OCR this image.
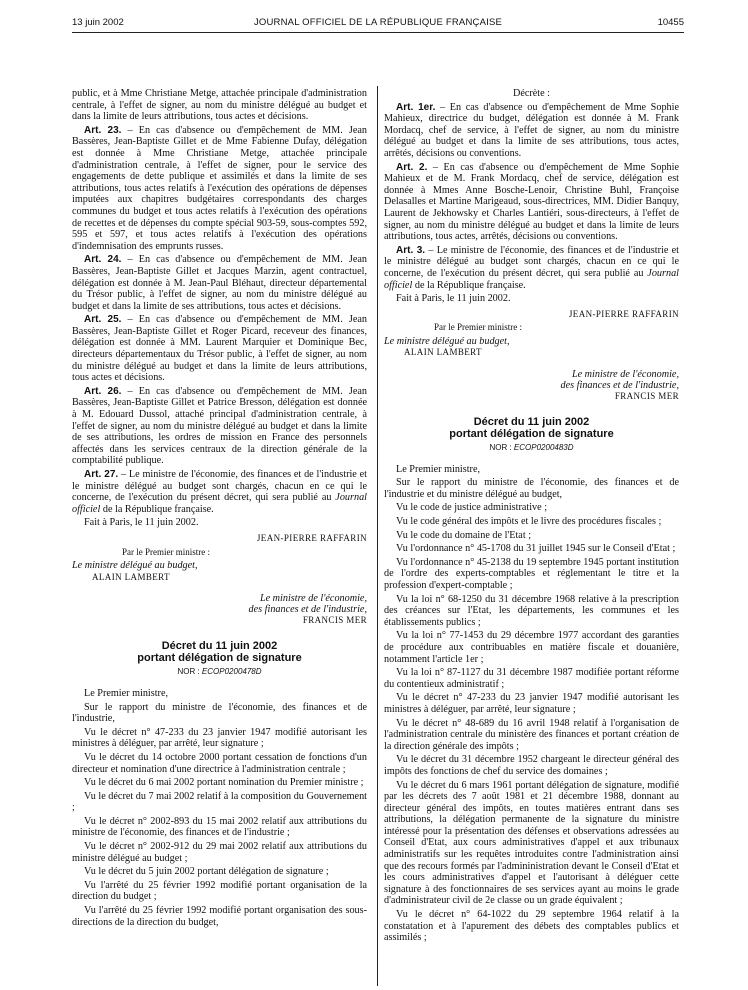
13 juin 2002	JOURNAL OFFICIEL DE LA RÉPUBLIQUE FRANÇAISE	10455

public, et à Mme Christiane Metge, attachée principale d'administration centrale, à l'effet de signer, au nom du ministre délégué au budget et dans la limite de leurs attributions, tous actes et décisions.

Art. 23. – En cas d'absence ou d'empêchement de MM. Jean Bassères, Jean-Baptiste Gillet et de Mme Fabienne Dufay, délégation est donnée à Mme Christiane Metge, attachée principale d'administration centrale, à l'effet de signer, pour le service des engagements de dette publique et assimilés et dans la limite de ses attributions, tous actes relatifs à l'exécution des opérations de dépenses imputées aux chapitres budgétaires correspondants des charges communes du budget et tous actes relatifs à l'exécution des opérations de recettes et de dépenses du compte spécial 903-59, sous-comptes 592, 595 et 597, et tous actes relatifs à l'exécution des opérations d'indemnisation des emprunts russes.

Art. 24. – En cas d'absence ou d'empêchement de MM. Jean Bassères, Jean-Baptiste Gillet et Jacques Marzin, agent contractuel, délégation est donnée à M. Jean-Paul Bléhaut, directeur départemental du Trésor public, à l'effet de signer, au nom du ministre délégué au budget et dans la limite de ses attributions, tous actes et décisions.

Art. 25. – En cas d'absence ou d'empêchement de MM. Jean Bassères, Jean-Baptiste Gillet et Roger Picard, receveur des finances, délégation est donnée à MM. Laurent Marquier et Dominique Bec, directeurs départementaux du Trésor public, à l'effet de signer, au nom du ministre délégué au budget et dans la limite de leurs attributions, tous actes et décisions.

Art. 26. – En cas d'absence ou d'empêchement de MM. Jean Bassères, Jean-Baptiste Gillet et Patrice Bresson, délégation est donnée à M. Edouard Dussol, attaché principal d'administration centrale, à l'effet de signer, au nom du ministre délégué au budget et dans la limite de ses attributions, les ordres de mission en France des personnels affectés dans les services centraux de la direction générale de la comptabilité publique.

Art. 27. – Le ministre de l'économie, des finances et de l'industrie et le ministre délégué au budget sont chargés, chacun en ce qui le concerne, de l'exécution du présent décret, qui sera publié au Journal officiel de la République française.

Fait à Paris, le 11 juin 2002.

JEAN-PIERRE RAFFARIN
Par le Premier ministre :
Le ministre délégué au budget,
ALAIN LAMBERT
Le ministre de l'économie,
des finances et de l'industrie,
FRANCIS MER
Décret du 11 juin 2002
portant délégation de signature
NOR : ECOP0200478D

Le Premier ministre,

Sur le rapport du ministre de l'économie, des finances et de l'industrie,

Vu le décret n° 47-233 du 23 janvier 1947 modifié autorisant les ministres à déléguer, par arrêté, leur signature ;

Vu le décret du 14 octobre 2000 portant cessation de fonctions d'un directeur et nomination d'une directrice à l'administration centrale ;

Vu le décret du 6 mai 2002 portant nomination du Premier ministre ;

Vu le décret du 7 mai 2002 relatif à la composition du Gouvernement ;

Vu le décret n° 2002-893 du 15 mai 2002 relatif aux attributions du ministre de l'économie, des finances et de l'industrie ;

Vu le décret n° 2002-912 du 29 mai 2002 relatif aux attributions du ministre délégué au budget ;

Vu le décret du 5 juin 2002 portant délégation de signature ;

Vu l'arrêté du 25 février 1992 modifié portant organisation de la direction du budget ;

Vu l'arrêté du 25 février 1992 modifié portant organisation des sous-directions de la direction du budget,

Décrète :

Art. 1er. – En cas d'absence ou d'empêchement de Mme Sophie Mahieux, directrice du budget, délégation est donnée à M. Frank Mordacq, chef de service, à l'effet de signer, au nom du ministre délégué au budget et dans la limite de ses attributions, tous actes, arrêtés, décisions ou conventions.

Art. 2. – En cas d'absence ou d'empêchement de Mme Sophie Mahieux et de M. Frank Mordacq, chef de service, délégation est donnée à Mmes Anne Bosche-Lenoir, Christine Buhl, Françoise Delasalles et Martine Marigeaud, sous-directrices, MM. Didier Banquy, Laurent de Jekhowsky et Charles Lantiéri, sous-directeurs, à l'effet de signer, au nom du ministre délégué au budget et dans la limite de leurs attributions, tous actes, arrêtés, décisions ou conventions.

Art. 3. – Le ministre de l'économie, des finances et de l'industrie et le ministre délégué au budget sont chargés, chacun en ce qui le concerne, de l'exécution du présent décret, qui sera publié au Journal officiel de la République française.

Fait à Paris, le 11 juin 2002.

JEAN-PIERRE RAFFARIN
Par le Premier ministre :
Le ministre délégué au budget,
ALAIN LAMBERT
Le ministre de l'économie,
des finances et de l'industrie,
FRANCIS MER
Décret du 11 juin 2002
portant délégation de signature
NOR : ECOP0200483D

Le Premier ministre,

Sur le rapport du ministre de l'économie, des finances et de l'industrie et du ministre délégué au budget,

Vu le code de justice administrative ;

Vu le code général des impôts et le livre des procédures fiscales ;

Vu le code du domaine de l'Etat ;

Vu l'ordonnance n° 45-1708 du 31 juillet 1945 sur le Conseil d'Etat ;

Vu l'ordonnance n° 45-2138 du 19 septembre 1945 portant institution de l'ordre des experts-comptables et réglementant le titre et la profession d'expert-comptable ;

Vu la loi n° 68-1250 du 31 décembre 1968 relative à la prescription des créances sur l'Etat, les départements, les communes et les établissements publics ;

Vu la loi n° 77-1453 du 29 décembre 1977 accordant des garanties de procédure aux contribuables en matière fiscale et douanière, notamment l'article 1er ;

Vu la loi n° 87-1127 du 31 décembre 1987 modifiée portant réforme du contentieux administratif ;

Vu le décret n° 47-233 du 23 janvier 1947 modifié autorisant les ministres à déléguer, par arrêté, leur signature ;

Vu le décret n° 48-689 du 16 avril 1948 relatif à l'organisation de l'administration centrale du ministère des finances et portant création de la direction générale des impôts ;

Vu le décret du 31 décembre 1952 chargeant le directeur général des impôts des fonctions de chef du service des domaines ;

Vu le décret du 6 mars 1961 portant délégation de signature, modifié par les décrets des 7 août 1981 et 21 décembre 1988, donnant au directeur général des impôts, en toutes matières entrant dans ses attributions, la délégation permanente de la signature du ministre intéressé pour la présentation des défenses et observations adressées au Conseil d'Etat, aux cours administratives d'appel et aux tribunaux administratifs sur les requêtes introduites contre l'administration ainsi que des recours formés par l'admininistration devant le Conseil d'Etat et les cours administratives d'appel et l'autorisant à déléguer cette signature à des fonctionnaires de ses services ayant au moins le grade d'administrateur civil de 2e classe ou un grade équivalent ;

Vu le décret n° 64-1022 du 29 septembre 1964 relatif à la constatation et à l'apurement des débets des comptables publics et assimilés ;
